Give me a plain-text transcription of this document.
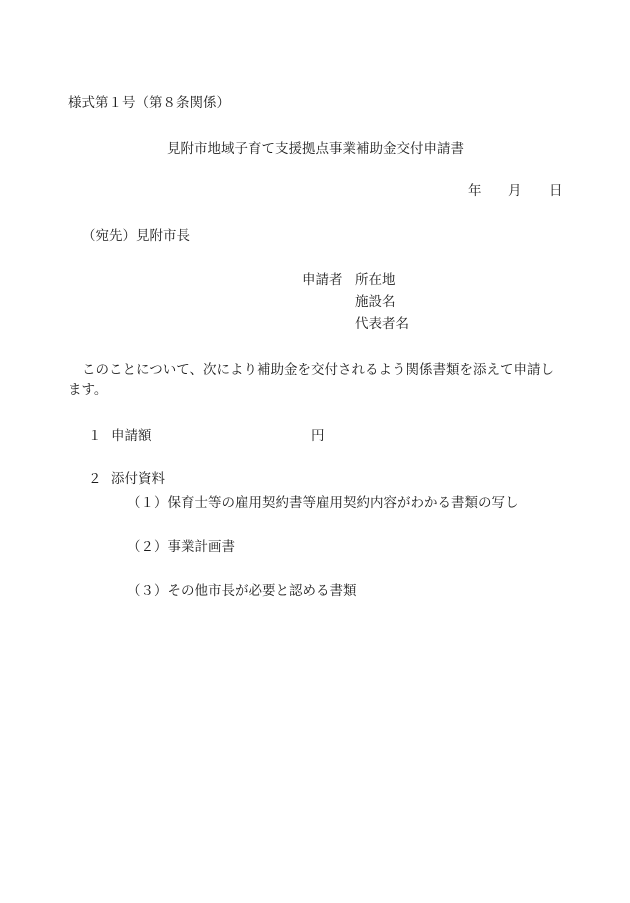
様式第１号（第８条関係）
見附市地域子育て支援拠点事業補助金交付申請書
年 月 日
（宛先）見附市長
申請者 所在地
施設名
代表者名
このことについて、次により補助金を交付されるよう関係書類を添えて申請します。
１ 申請額	円
２ 添付資料
（１）保育士等の雇用契約書等雇用契約内容がわかる書類の写し
（２）事業計画書
（３）その他市長が必要と認める書類
